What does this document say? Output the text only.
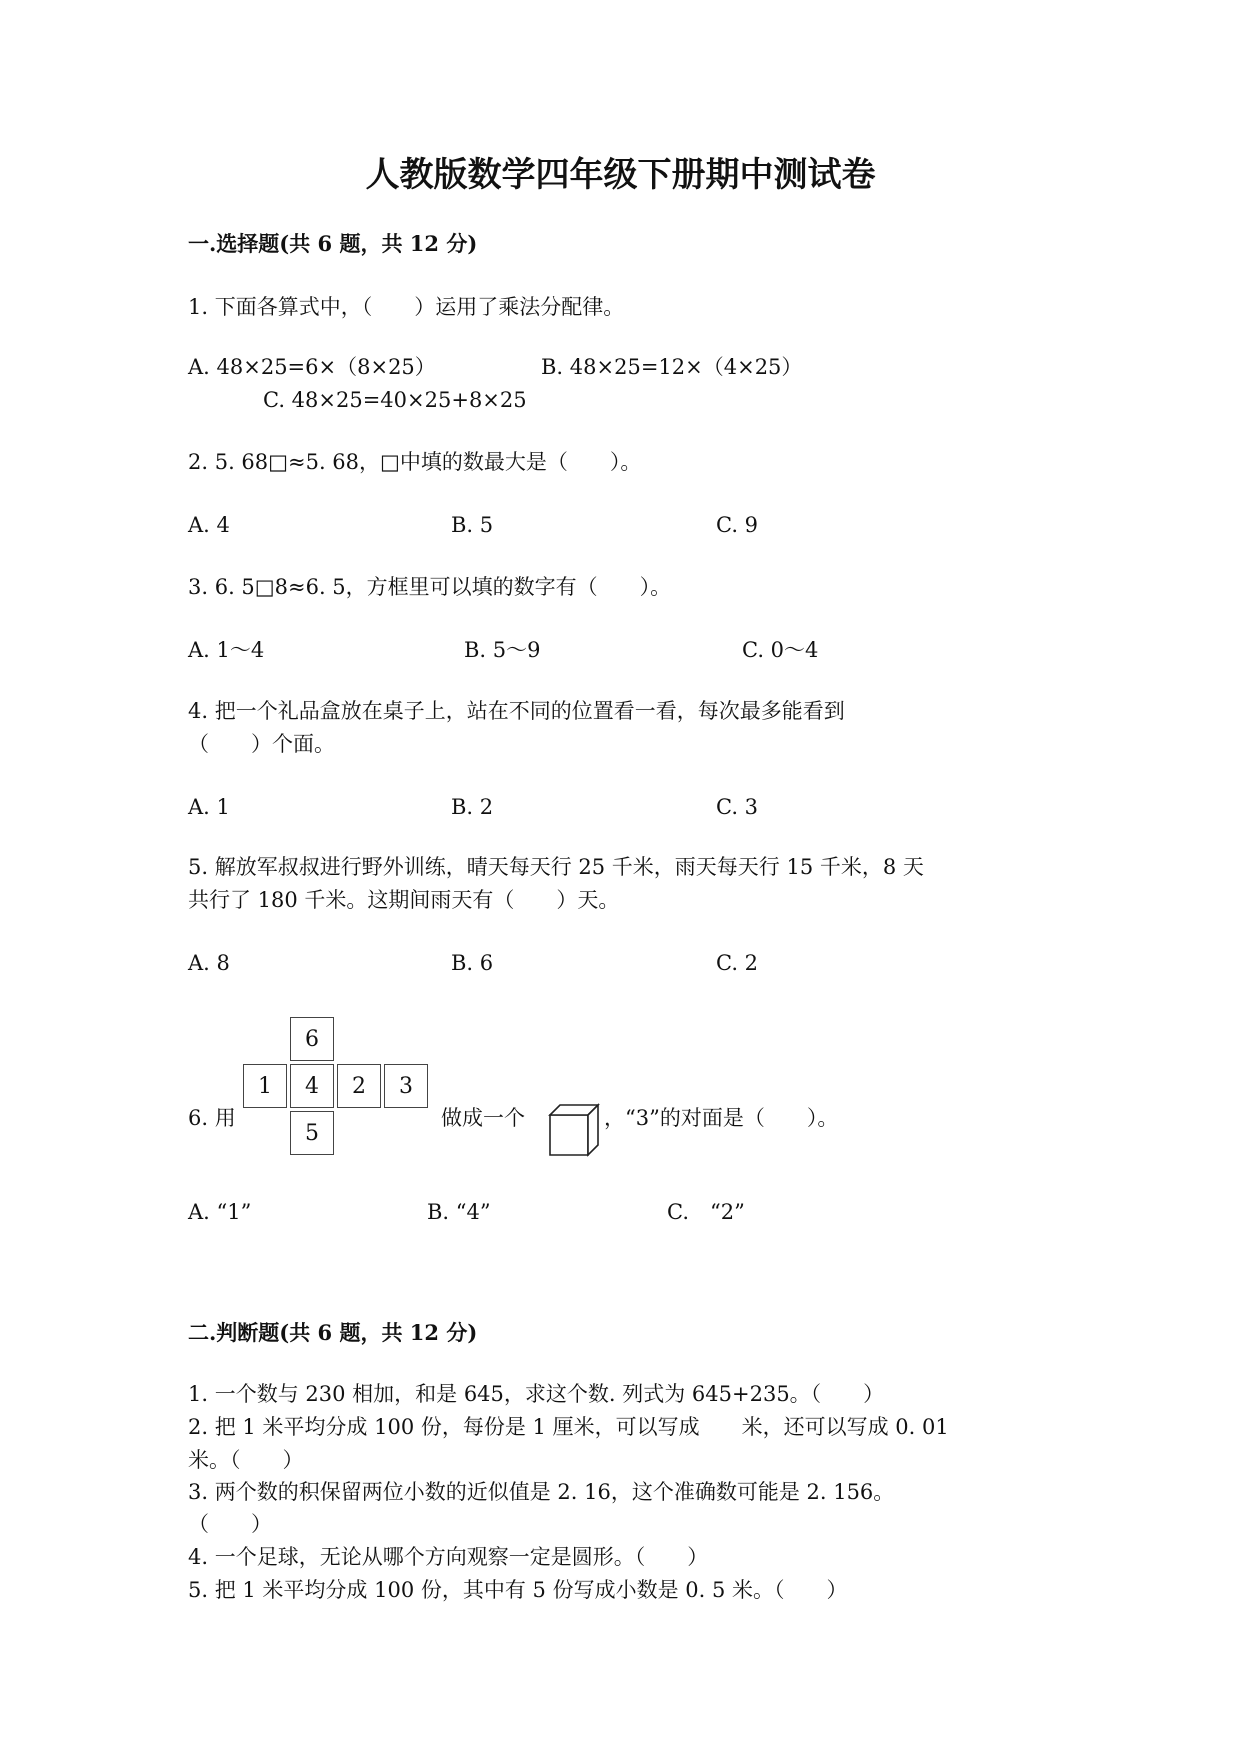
人教版数学四年级下册期中测试卷
一.选择题(共 6 题，共 12 分)
1. 下面各算式中，（　　）运用了乘法分配律。
A. 48×25=6×（8×25）	B. 48×25=12×（4×25）
C. 48×25=40×25+8×25
2. 5. 68□≈5. 68，□中填的数最大是（　　）。
A. 4	B. 5	C. 9
3. 6. 5□8≈6. 5，方框里可以填的数字有（　　）。
A. 1～4	B. 5～9	C. 0～4
4. 把一个礼品盒放在桌子上，站在不同的位置看一看，每次最多能看到
（　　）个面。
A. 1	B. 2	C. 3
5. 解放军叔叔进行野外训练，晴天每天行 25 千米，雨天每天行 15 千米，8 天
共行了 180 千米。这期间雨天有（　　）天。
A. 8	B. 6	C. 2
6. 用
6
1	4	2	3
5
做成一个	，“3”的对面是（　　）。
A. “1”	B. “4”	C.　“2”
二.判断题(共 6 题，共 12 分)
1. 一个数与 230 相加，和是 645，求这个数. 列式为 645+235。（　　）
2. 把 1 米平均分成 100 份，每份是 1 厘米，可以写成　　米，还可以写成 0. 01
米。（　　）
3. 两个数的积保留两位小数的近似值是 2. 16，这个准确数可能是 2. 156。
（　　）
4. 一个足球，无论从哪个方向观察一定是圆形。（　　）
5. 把 1 米平均分成 100 份，其中有 5 份写成小数是 0. 5 米。（　　）
